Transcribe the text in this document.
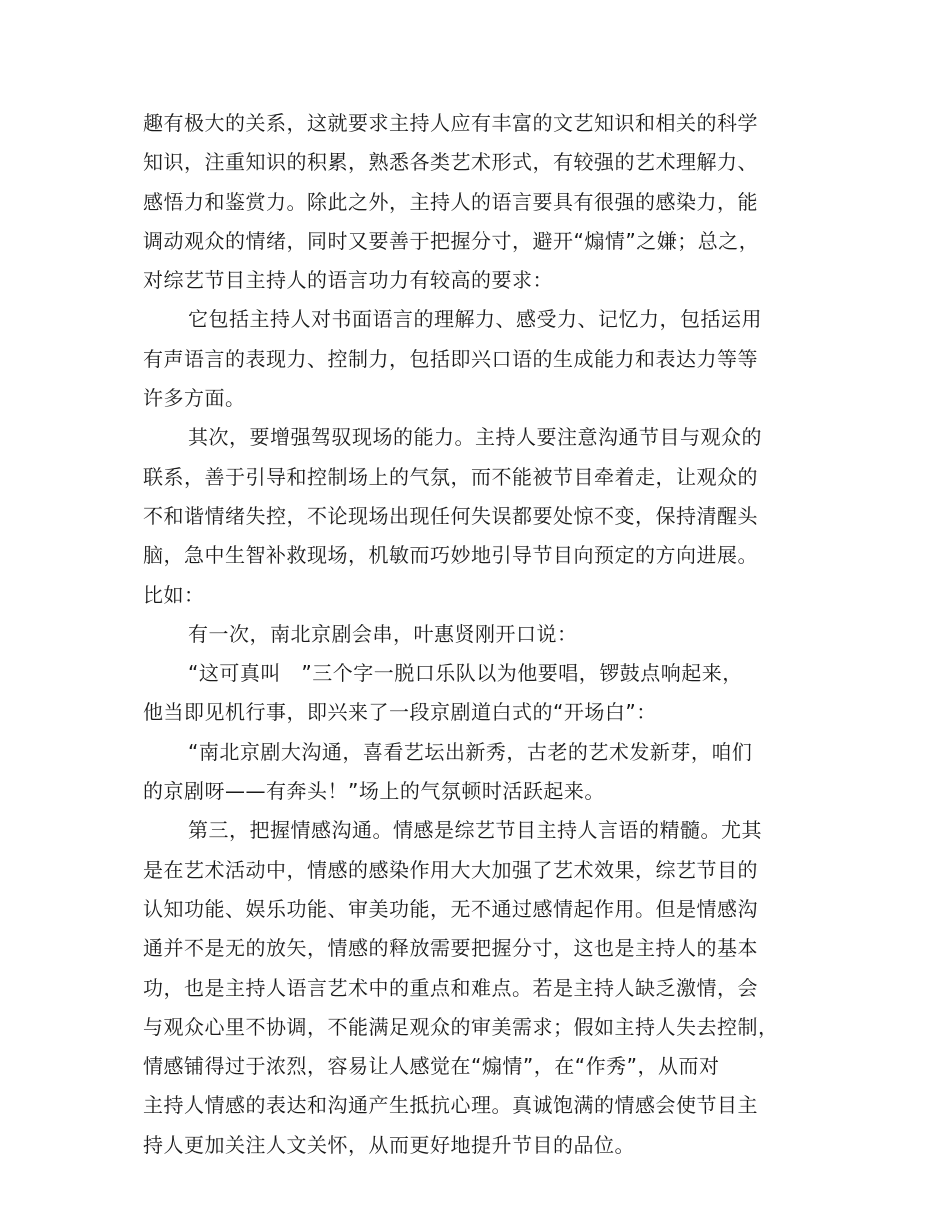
趣有极大的关系，这就要求主持人应有丰富的文艺知识和相关的科学
知识，注重知识的积累，熟悉各类艺术形式，有较强的艺术理解力、
感悟力和鉴赏力。除此之外，主持人的语言要具有很强的感染力，能
调动观众的情绪，同时又要善于把握分寸，避开“煽情”之嫌；总之，
对综艺节目主持人的语言功力有较高的要求：
它包括主持人对书面语言的理解力、感受力、记忆力，包括运用
有声语言的表现力、控制力，包括即兴口语的生成能力和表达力等等
许多方面。
其次，要增强驾驭现场的能力。主持人要注意沟通节目与观众的
联系，善于引导和控制场上的气氛，而不能被节目牵着走，让观众的
不和谐情绪失控，不论现场出现任何失误都要处惊不变，保持清醒头
脑，急中生智补救现场，机敏而巧妙地引导节目向预定的方向进展。
比如：
有一次，南北京剧会串，叶惠贤刚开口说：
“这可真叫　”三个字一脱口乐队以为他要唱，锣鼓点响起来，
他当即见机行事，即兴来了一段京剧道白式的“开场白”：
“南北京剧大沟通，喜看艺坛出新秀，古老的艺术发新芽，咱们
的京剧呀——有奔头！”场上的气氛顿时活跃起来。
第三，把握情感沟通。情感是综艺节目主持人言语的精髓。尤其
是在艺术活动中，情感的感染作用大大加强了艺术效果，综艺节目的
认知功能、娱乐功能、审美功能，无不通过感情起作用。但是情感沟
通并不是无的放矢，情感的释放需要把握分寸，这也是主持人的基本
功，也是主持人语言艺术中的重点和难点。若是主持人缺乏激情，会
与观众心里不协调，不能满足观众的审美需求；假如主持人失去控制，
情感铺得过于浓烈，容易让人感觉在“煽情”，在“作秀”，从而对
主持人情感的表达和沟通产生抵抗心理。真诚饱满的情感会使节目主
持人更加关注人文关怀，从而更好地提升节目的品位。
